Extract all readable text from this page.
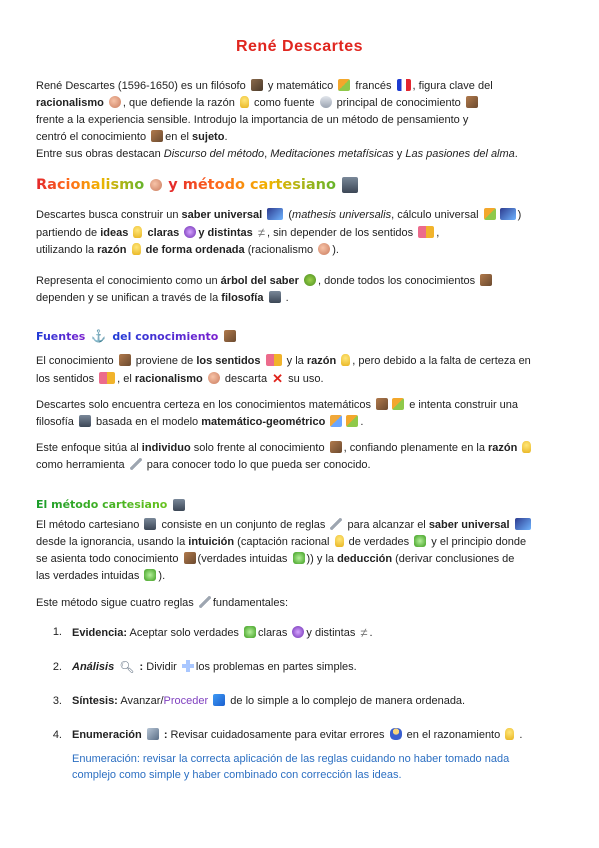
René Descartes

René Descartes (1596-1650) es un filósofo y matemático francés , figura clave del

racionalismo , que defiende la razón como fuente principal de conocimiento

frente a la experiencia sensible. Introdujo la importancia de un método de pensamiento y

centró el conocimiento en el sujeto.

Entre sus obras destacan Discurso del método, Meditaciones metafísicas y Las pasiones del alma.

Racionalismo y método cartesiano

Descartes busca construir un saber universal (mathesis universalis, cálculo universal	)

partiendo de ideas claras y distintas ≠ , sin depender de los sentidos ,

utilizando la razón de forma ordenada (racionalismo ).

Representa el conocimiento como un árbol del saber , donde todos los conocimientos

dependen y se unifican a través de la filosofía .

Fuentes ⚓ del conocimiento

El conocimiento proviene de los sentidos y la razón , pero debido a la falta de certeza en

los sentidos , el racionalismo descarta ✕ su uso.

Descartes solo encuentra certeza en los conocimientos matemáticos	e intenta construir una

filosofía basada en el modelo matemático-geométrico	.

Este enfoque sitúa al individuo solo frente al conocimiento , confiando plenamente en la razón

como herramienta para conocer todo lo que pueda ser conocido.

El método cartesiano

El método cartesiano consiste en un conjunto de reglas para alcanzar el saber universal

desde la ignorancia, usando la intuición (captación racional de verdades y el principio donde

se asienta todo conocimiento (verdades intuidas )) y la deducción (derivar conclusiones de

las verdades intuidas ).

Este método sigue cuatro reglas fundamentales:

1. Evidencia: Aceptar solo verdades claras y distintas ≠ .
2. Análisis 🔍︎ : Dividir los problemas en partes simples.
3. Síntesis: Avanzar/Proceder de lo simple a lo complejo de manera ordenada.
4. Enumeración : Revisar cuidadosamente para evitar errores en el razonamiento .
Enumeración: revisar la correcta aplicación de las reglas cuidando no haber tomado nada
complejo como simple y haber combinado con corrección las ideas.
